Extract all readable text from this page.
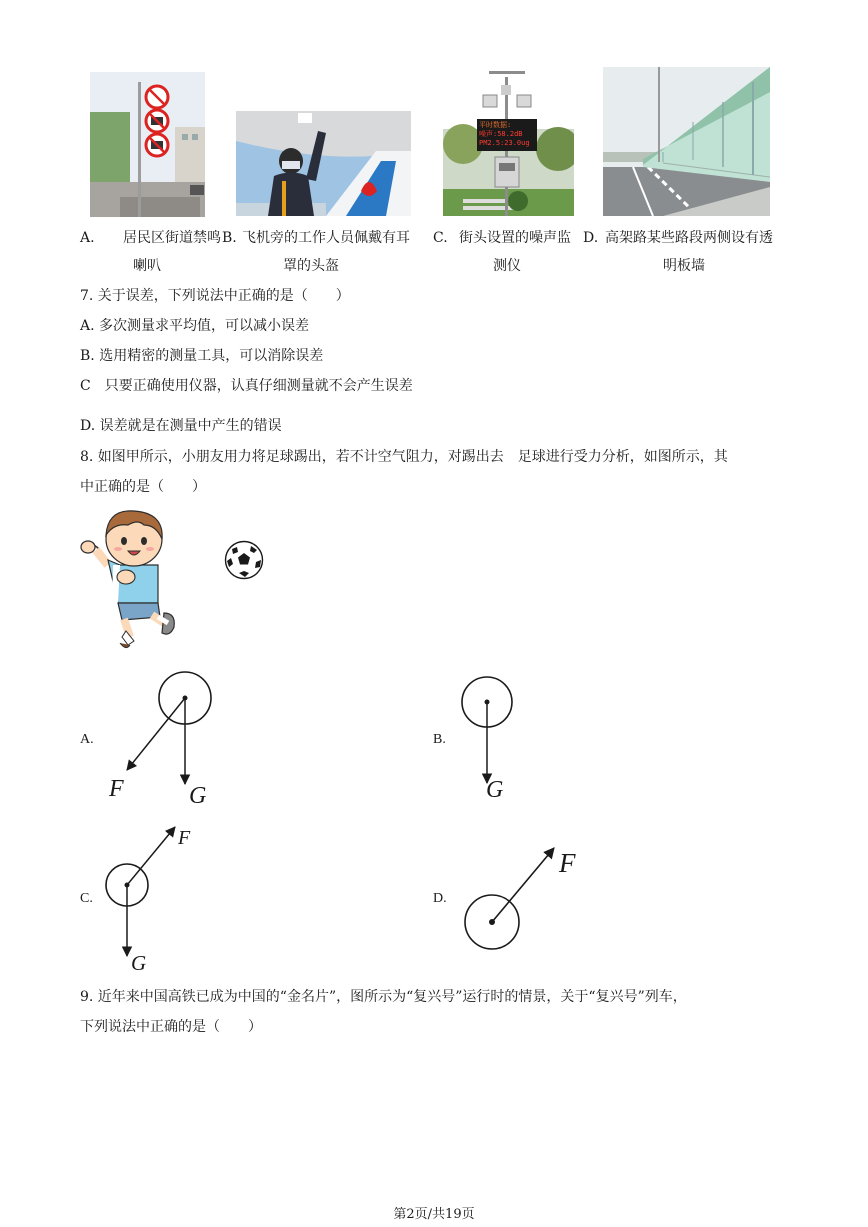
平时数据:
噪声:58.2dB
PM2.5:23.0ug
A. 居民区街道禁鸣
喇叭
B. 飞机旁的工作人员佩戴有耳
罩的头盔
C. 街头设置的噪声监
测仪
D. 高架路某些路段两侧设有透
明板墙
7. 关于误差，下列说法中正确的是（　　）
A. 多次测量求平均值，可以减小误差
B. 选用精密的测量工具，可以消除误差
C　只要正确使用仪器，认真仔细测量就不会产生误差
D. 误差就是在测量中产生的错误
8. 如图甲所示，小朋友用力将足球踢出，若不计空气阻力，对踢出去　足球进行受力分析，如图所示，其
中正确的是（　　）
A.
F	G
B.
G
C.
F
G
D.
F
9. 近年来中国高铁已成为中国的“金名片”，图所示为“复兴号”运行时的情景，关于“复兴号”列车，
下列说法中正确的是（　　）
第2页/共19页
